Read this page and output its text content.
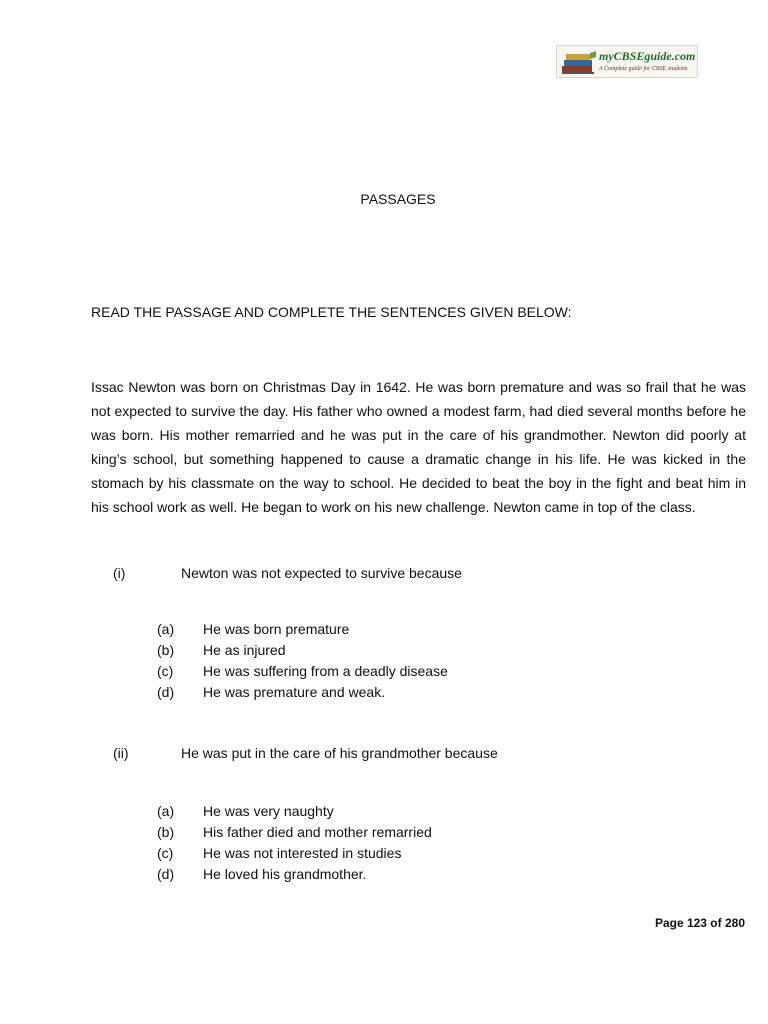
myCBSEguide.com
A Complete guide for CBSE students
PASSAGES
READ THE PASSAGE AND COMPLETE THE SENTENCES GIVEN BELOW:
Issac Newton was born on Christmas Day in 1642. He was born premature and was so frail that he was not expected to survive the day. His father who owned a modest farm, had died several months before he was born. His mother remarried and he was put in the care of his grandmother. Newton did poorly at king’s school, but something happened to cause a dramatic change in his life. He was kicked in the stomach by his classmate on the way to school. He decided to beat the boy in the fight and beat him in his school work as well. He began to work on his new challenge. Newton came in top of the class.
(i)	Newton was not expected to survive because
(a) He was born premature
(b) He as injured
(c) He was suffering from a deadly disease
(d) He was premature and weak.
(ii)	He was put in the care of his grandmother because
(a) He was very naughty
(b) His father died and mother remarried
(c) He was not interested in studies
(d) He loved his grandmother.
Page 123 of 280
